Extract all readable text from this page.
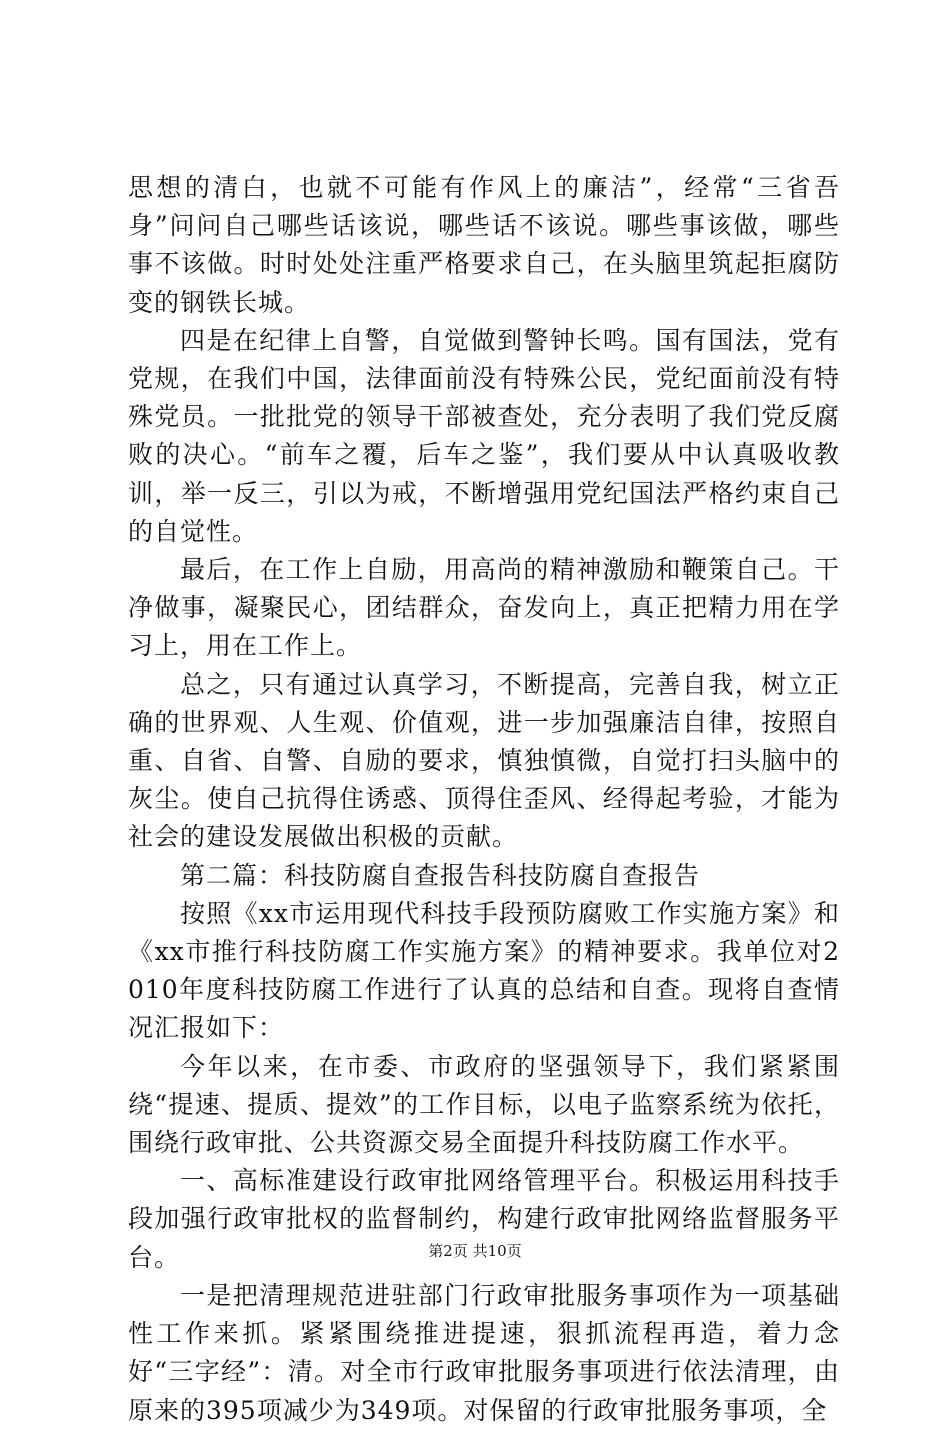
思想的清白，也就不可能有作风上的廉洁”，经常“三省吾身”问问自己哪些话该说，哪些话不该说。哪些事该做，哪些事不该做。时时处处注重严格要求自己，在头脑里筑起拒腐防变的钢铁长城。

四是在纪律上自警，自觉做到警钟长鸣。国有国法，党有党规，在我们中国，法律面前没有特殊公民，党纪面前没有特殊党员。一批批党的领导干部被查处，充分表明了我们党反腐败的决心。“前车之覆，后车之鉴”，我们要从中认真吸收教训，举一反三，引以为戒，不断增强用党纪国法严格约束自己的自觉性。

最后，在工作上自励，用高尚的精神激励和鞭策自己。干净做事，凝聚民心，团结群众，奋发向上，真正把精力用在学习上，用在工作上。

总之，只有通过认真学习，不断提高，完善自我，树立正确的世界观、人生观、价值观，进一步加强廉洁自律，按照自重、自省、自警、自励的要求，慎独慎微，自觉打扫头脑中的灰尘。使自己抗得住诱惑、顶得住歪风、经得起考验，才能为社会的建设发展做出积极的贡献。

第二篇：科技防腐自查报告科技防腐自查报告

按照《xx市运用现代科技手段预防腐败工作实施方案》和《xx市推行科技防腐工作实施方案》的精神要求。我单位对2010年度科技防腐工作进行了认真的总结和自查。现将自查情况汇报如下：

今年以来，在市委、市政府的坚强领导下，我们紧紧围绕“提速、提质、提效”的工作目标，以电子监察系统为依托，围绕行政审批、公共资源交易全面提升科技防腐工作水平。

一、高标准建设行政审批网络管理平台。积极运用科技手段加强行政审批权的监督制约，构建行政审批网络监督服务平台。

一是把清理规范进驻部门行政审批服务事项作为一项基础性工作来抓。紧紧围绕推进提速，狠抓流程再造，着力念好“三字经”：清。对全市行政审批服务事项进行依法清理，由原来的395项减少为349项。对保留的行政审批服务事项，全

第2页 共10页
